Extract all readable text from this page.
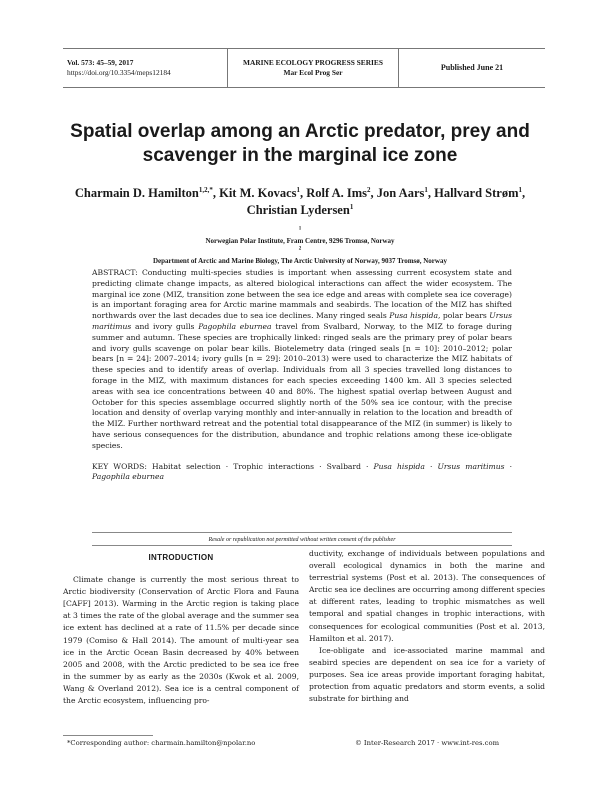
Vol. 573: 45–59, 2017
https://doi.org/10.3354/meps12184
MARINE ECOLOGY PROGRESS SERIES
Mar Ecol Prog Ser
Published June 21
Spatial overlap among an Arctic predator, prey and
scavenger in the marginal ice zone
Charmain D. Hamilton$^{1,2,*}$, Kit M. Kovacs$^1$, Rolf A. Ims$^2$, Jon Aars$^1$, Hallvard Strøm$^1$,
Christian Lydersen$^1$
$^1$
Norwegian Polar Institute, Fram Centre, 9296 Tromsø, Norway
$^2$
Department of Arctic and Marine Biology, The Arctic University of Norway, 9037 Tromsø, Norway

ABSTRACT: Conducting multi-species studies is important when assessing current ecosystem state and predicting climate change impacts, as altered biological interactions can affect the wider ecosystem. The marginal ice zone (MIZ, transition zone between the sea ice edge and areas with complete sea ice coverage) is an important foraging area for Arctic marine mammals and seabirds. The location of the MIZ has shifted northwards over the last decades due to sea ice declines. Many ringed seals Pusa hispida, polar bears Ursus maritimus and ivory gulls Pagophila eburnea travel from Svalbard, Norway, to the MIZ to forage during summer and autumn. These species are trophically linked: ringed seals are the primary prey of polar bears and ivory gulls scavenge on polar bear kills. Biotelemetry data (ringed seals [n = 10]: 2010–2012; polar bears [n = 24]: 2007–2014; ivory gulls [n = 29]: 2010–2013) were used to characterize the MIZ habitats of these species and to identify areas of overlap. Individuals from all 3 species travelled long distances to forage in the MIZ, with maximum distances for each species exceeding 1400 km. All 3 species selected areas with sea ice concentrations between 40 and 80%. The highest spatial overlap between August and October for this species assemblage occurred slightly north of the 50% sea ice contour, with the precise location and density of overlap varying monthly and inter-annually in relation to the location and breadth of the MIZ. Further northward retreat and the potential total disappearance of the MIZ (in summer) is likely to have serious consequences for the distribution, abundance and trophic relations among these ice-obligate species.

KEY WORDS: Habitat selection · Trophic interactions · Svalbard · Pusa hispida · Ursus maritimus · Pagophila eburnea

Resale or republication not permitted without written consent of the publisher
INTRODUCTION

Climate change is currently the most serious threat to Arctic biodiversity (Conservation of Arctic Flora and Fauna [CAFF] 2013). Warming in the Arctic region is taking place at 3 times the rate of the global average and the summer sea ice extent has declined at a rate of 11.5% per decade since 1979 (Comiso & Hall 2014). The amount of multi-year sea ice in the Arctic Ocean Basin decreased by 40% between 2005 and 2008, with the Arctic predicted to be sea ice free in the summer by as early as the 2030s (Kwok et al. 2009, Wang & Overland 2012). Sea ice is a central component of the Arctic ecosystem, influencing pro-

ductivity, exchange of individuals between populations and overall ecological dynamics in both the marine and terrestrial systems (Post et al. 2013). The consequences of Arctic sea ice declines are occurring among different species at different rates, leading to trophic mismatches as well temporal and spatial changes in trophic interactions, with consequences for ecological communities (Post et al. 2013, Hamilton et al. 2017).

Ice-obligate and ice-associated marine mammal and seabird species are dependent on sea ice for a variety of purposes. Sea ice areas provide important foraging habitat, protection from aquatic predators and storm events, a solid substrate for birthing and

*Corresponding author: charmain.hamilton@npolar.no	© Inter-Research 2017 · www.int-res.com
